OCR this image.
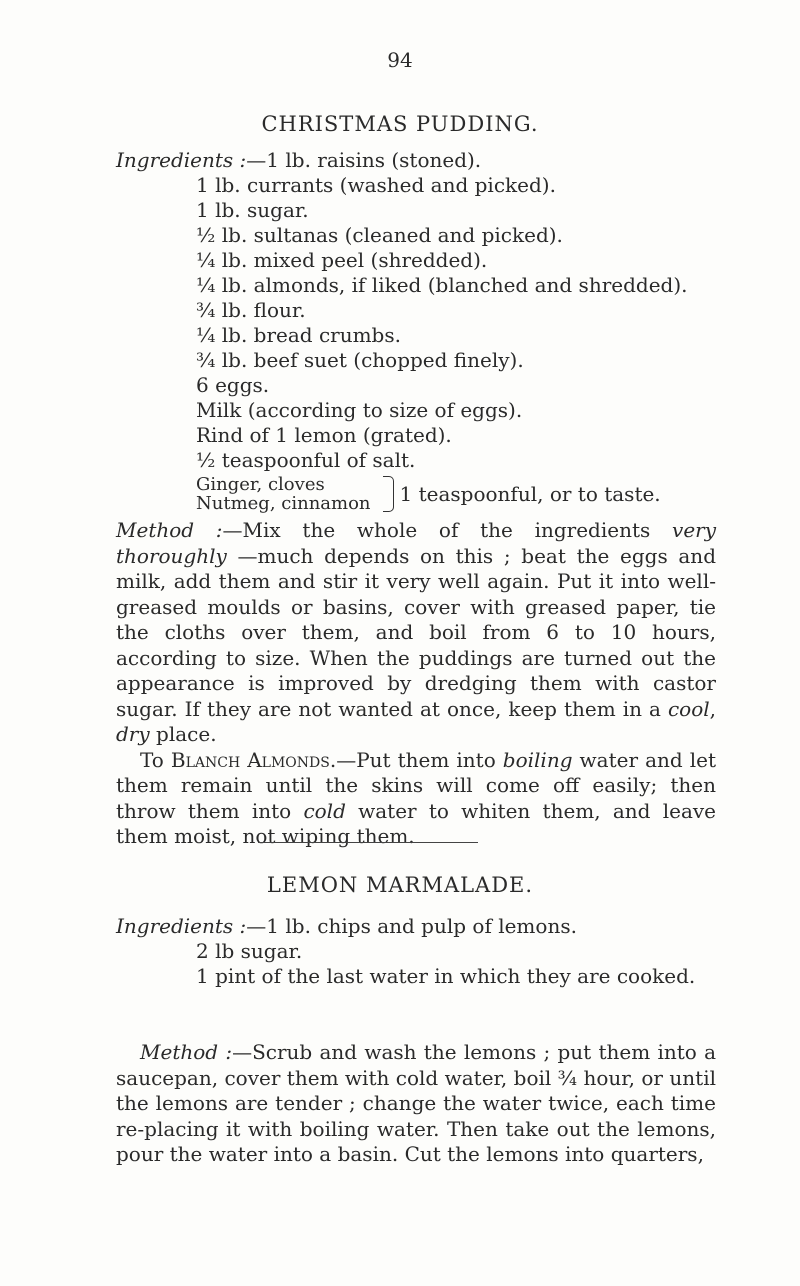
94
CHRISTMAS PUDDING.
Ingredients :—1 lb. raisins (stoned).
1 lb. currants (washed and picked).
1 lb. sugar.
½ lb. sultanas (cleaned and picked).
¼ lb. mixed peel (shredded).
¼ lb. almonds, if liked (blanched and shredded).
¾ lb. flour.
¼ lb. bread crumbs.
¾ lb. beef suet (chopped finely).
6 eggs.
Milk (according to size of eggs).
Rind of 1 lemon (grated).
½ teaspoonful of salt.
Ginger, cloves
Nutmeg, cinnamon 1 teaspoonful, or to taste.

Method :—Mix the whole of the ingredients very thoroughly —much depends on this ; beat the eggs and milk, add them and stir it very well again. Put it into well-greased moulds or basins, cover with greased paper, tie the cloths over them, and boil from 6 to 10 hours, according to size. When the puddings are turned out the appearance is improved by dredging them with castor sugar. If they are not wanted at once, keep them in a cool, dry place.

To Blanch Almonds.—Put them into boiling water and let them remain until the skins will come off easily; then throw them into cold water to whiten them, and leave them moist, not wiping them.

LEMON MARMALADE.
Ingredients :—1 lb. chips and pulp of lemons.
2 lb sugar.
1 pint of the last water in which they are cooked.

Method :—Scrub and wash the lemons ; put them into a saucepan, cover them with cold water, boil ¾ hour, or until the lemons are tender ; change the water twice, each time re-placing it with boiling water. Then take out the lemons, pour the water into a basin. Cut the lemons into quarters,
